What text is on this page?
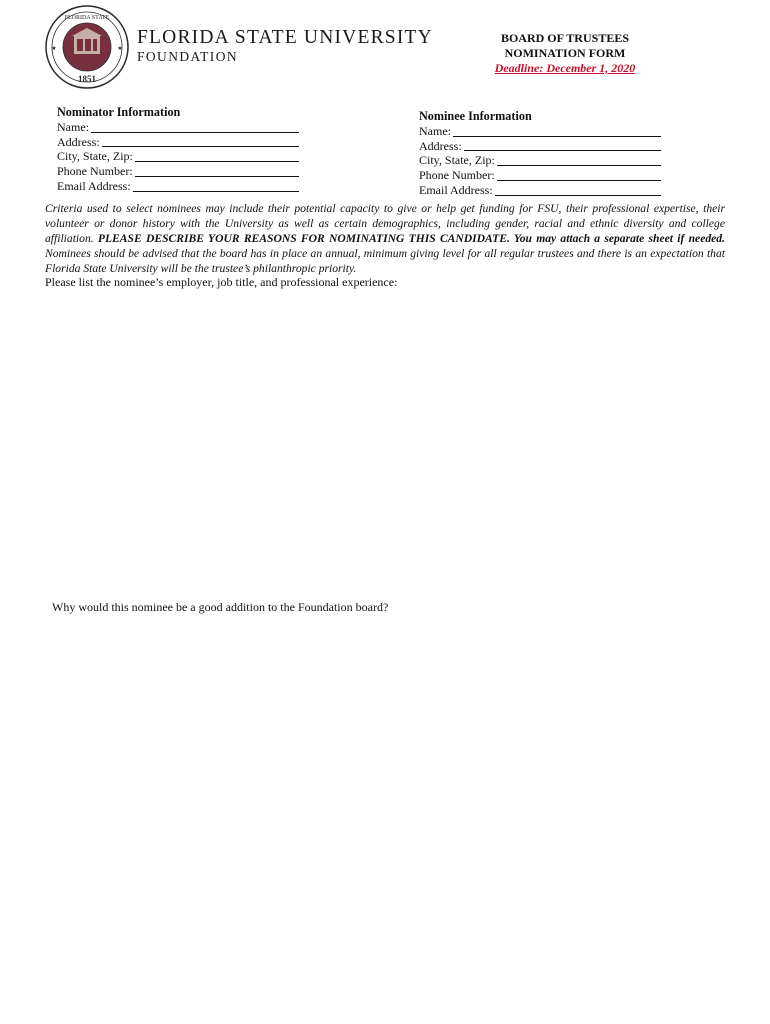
FLORIDA STATE
★	★
1851
FLORIDA STATE UNIVERSITY
FOUNDATION
BOARD OF TRUSTEES
NOMINATION FORM
Deadline: December 1, 2020
Nominator Information
Name:
Address:
City, State, Zip:
Phone Number:
Email Address:
Nominee Information
Name:
Address:
City, State, Zip:
Phone Number:
Email Address:
Criteria used to select nominees may include their potential capacity to give or help get funding for FSU, their professional expertise, their volunteer or donor history with the University as well as certain demographics, including gender, racial and ethnic diversity and college affiliation. PLEASE DESCRIBE YOUR REASONS FOR NOMINATING THIS CANDIDATE. You may attach a separate sheet if needed. Nominees should be advised that the board has in place an annual, minimum giving level for all regular trustees and there is an expectation that Florida State University will be the trustee’s philanthropic priority.
Please list the nominee’s employer, job title, and professional experience:
Why would this nominee be a good addition to the Foundation board?
